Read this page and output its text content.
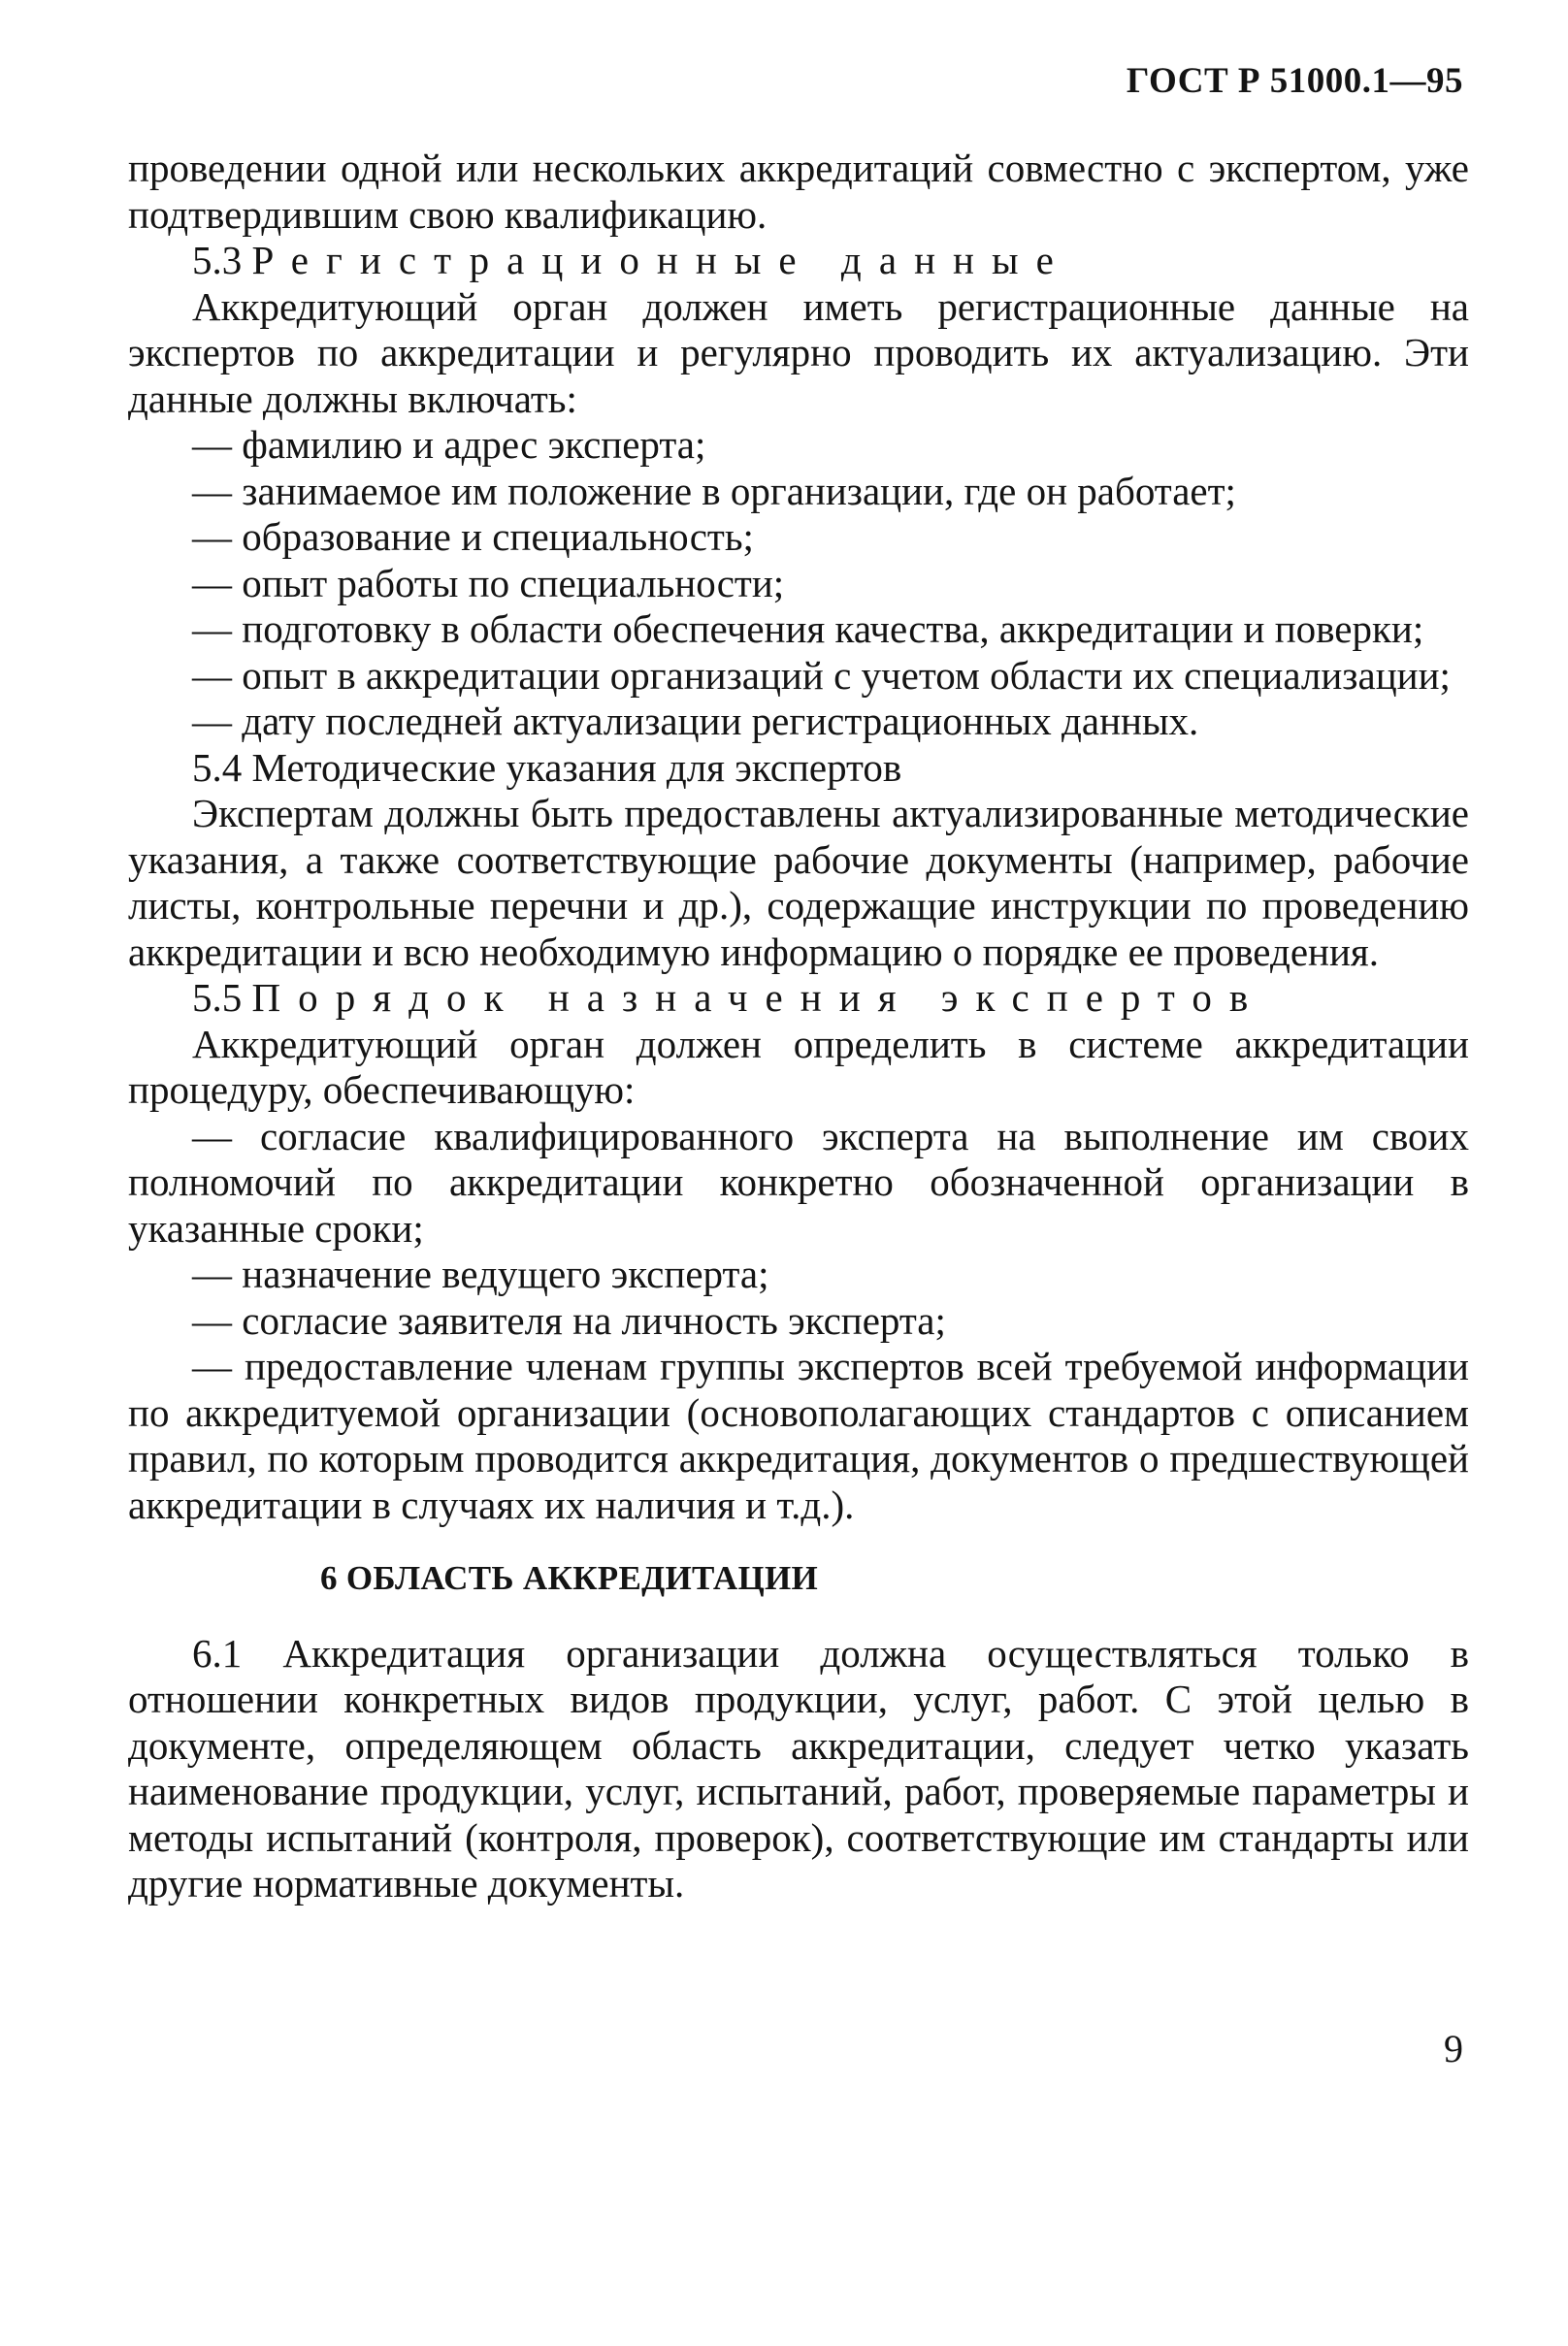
ГОСТ Р 51000.1—95

проведении одной или нескольких аккредитаций совместно с экспертом, уже подтвердившим свою квалификацию.

5.3 Регистрационные данные

Аккредитующий орган должен иметь регистрационные данные на экспертов по аккредитации и регулярно проводить их актуализацию. Эти данные должны включать:

— фамилию и адрес эксперта;

— занимаемое им положение в организации, где он работает;

— образование и специальность;

— опыт работы по специальности;

— подготовку в области обеспечения качества, аккредитации и поверки;

— опыт в аккредитации организаций с учетом области их специализации;

— дату последней актуализации регистрационных данных.

5.4 Методические указания для экспертов

Экспертам должны быть предоставлены актуализированные методические указания, а также соответствующие рабочие документы (например, рабочие листы, контрольные перечни и др.), содержащие инструкции по проведению аккредитации и всю необходимую информацию о порядке ее проведения.

5.5 Порядок назначения экспертов

Аккредитующий орган должен определить в системе аккредитации процедуру, обеспечивающую:

— согласие квалифицированного эксперта на выполнение им своих полномочий по аккредитации конкретно обозначенной организации в указанные сроки;

— назначение ведущего эксперта;

— согласие заявителя на личность эксперта;

— предоставление членам группы экспертов всей требуемой информации по аккредитуемой организации (основополагающих стандартов с описанием правил, по которым проводится аккредитация, документов о предшествующей аккредитации в случаях их наличия и т.д.).

6 ОБЛАСТЬ АККРЕДИТАЦИИ

6.1 Аккредитация организации должна осуществляться только в отношении конкретных видов продукции, услуг, работ. С этой целью в документе, определяющем область аккредитации, следует четко указать наименование продукции, услуг, испытаний, работ, проверяемые параметры и методы испытаний (контроля, проверок), соответствующие им стандарты или другие нормативные документы.

9
